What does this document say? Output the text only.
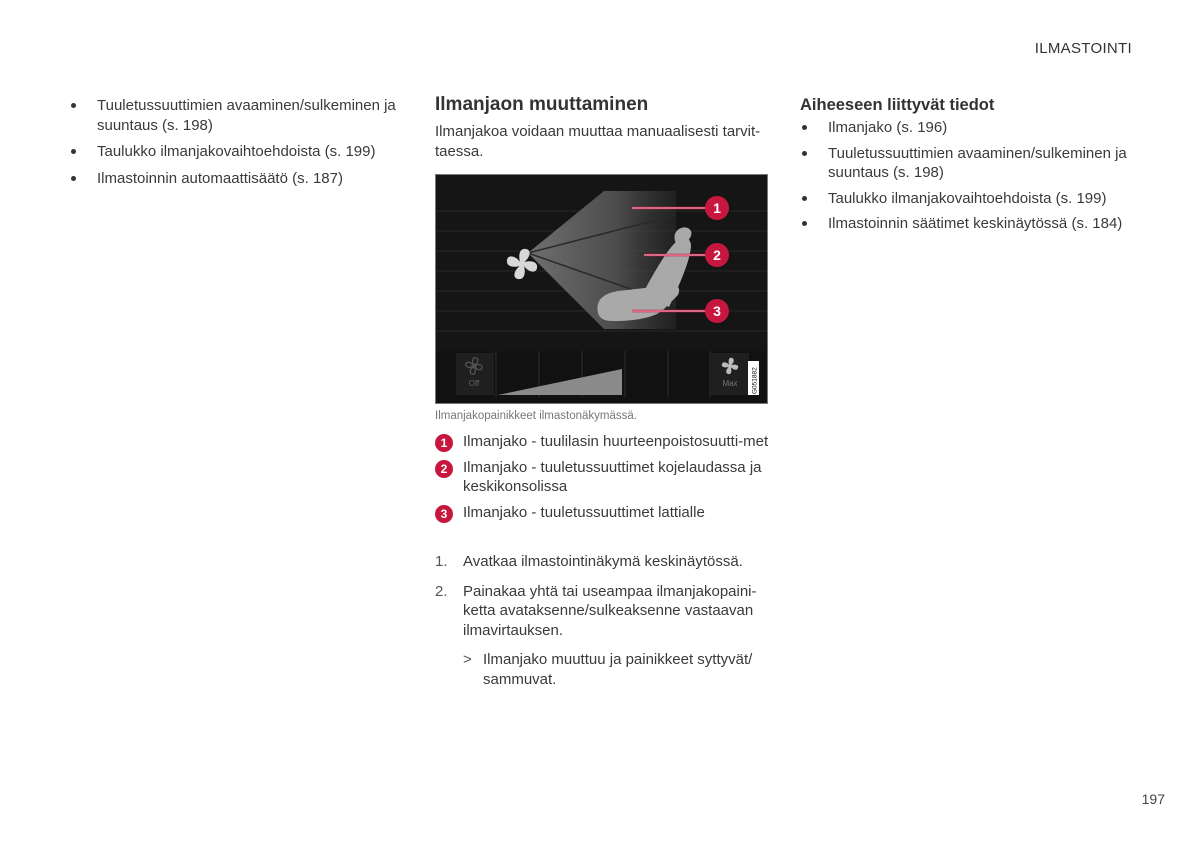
ILMASTOINTI
Tuuletussuuttimien avaaminen/sulkeminen ja suuntaus (s. 198)
Taulukko ilmanjakovaihtoehdoista (s. 199)
Ilmastoinnin automaattisäätö (s. 187)
Ilmanjaon muuttaminen

Ilmanjakoa voidaan muuttaa manuaalisesti tarvit-taessa.

1
2
3
Off	Max G051882
Ilmanjakopainikkeet ilmastonäkymässä.
1	Ilmanjako - tuulilasin huurteenpoistosuutti-met
2	Ilmanjako - tuuletussuuttimet kojelaudassa ja keskikonsolissa
3	Ilmanjako - tuuletussuuttimet lattialle
1. Avatkaa ilmastointinäkymä keskinäytössä.
2. Painakaa yhtä tai useampaa ilmanjakopaini-ketta avataksenne/sulkeaksenne vastaavan ilmavirtauksen.
> Ilmanjako muuttuu ja painikkeet syttyvät/ sammuvat.
Aiheeseen liittyvät tiedot
Ilmanjako (s. 196)
Tuuletussuuttimien avaaminen/sulkeminen ja suuntaus (s. 198)
Taulukko ilmanjakovaihtoehdoista (s. 199)
Ilmastoinnin säätimet keskinäytössä (s. 184)
197
